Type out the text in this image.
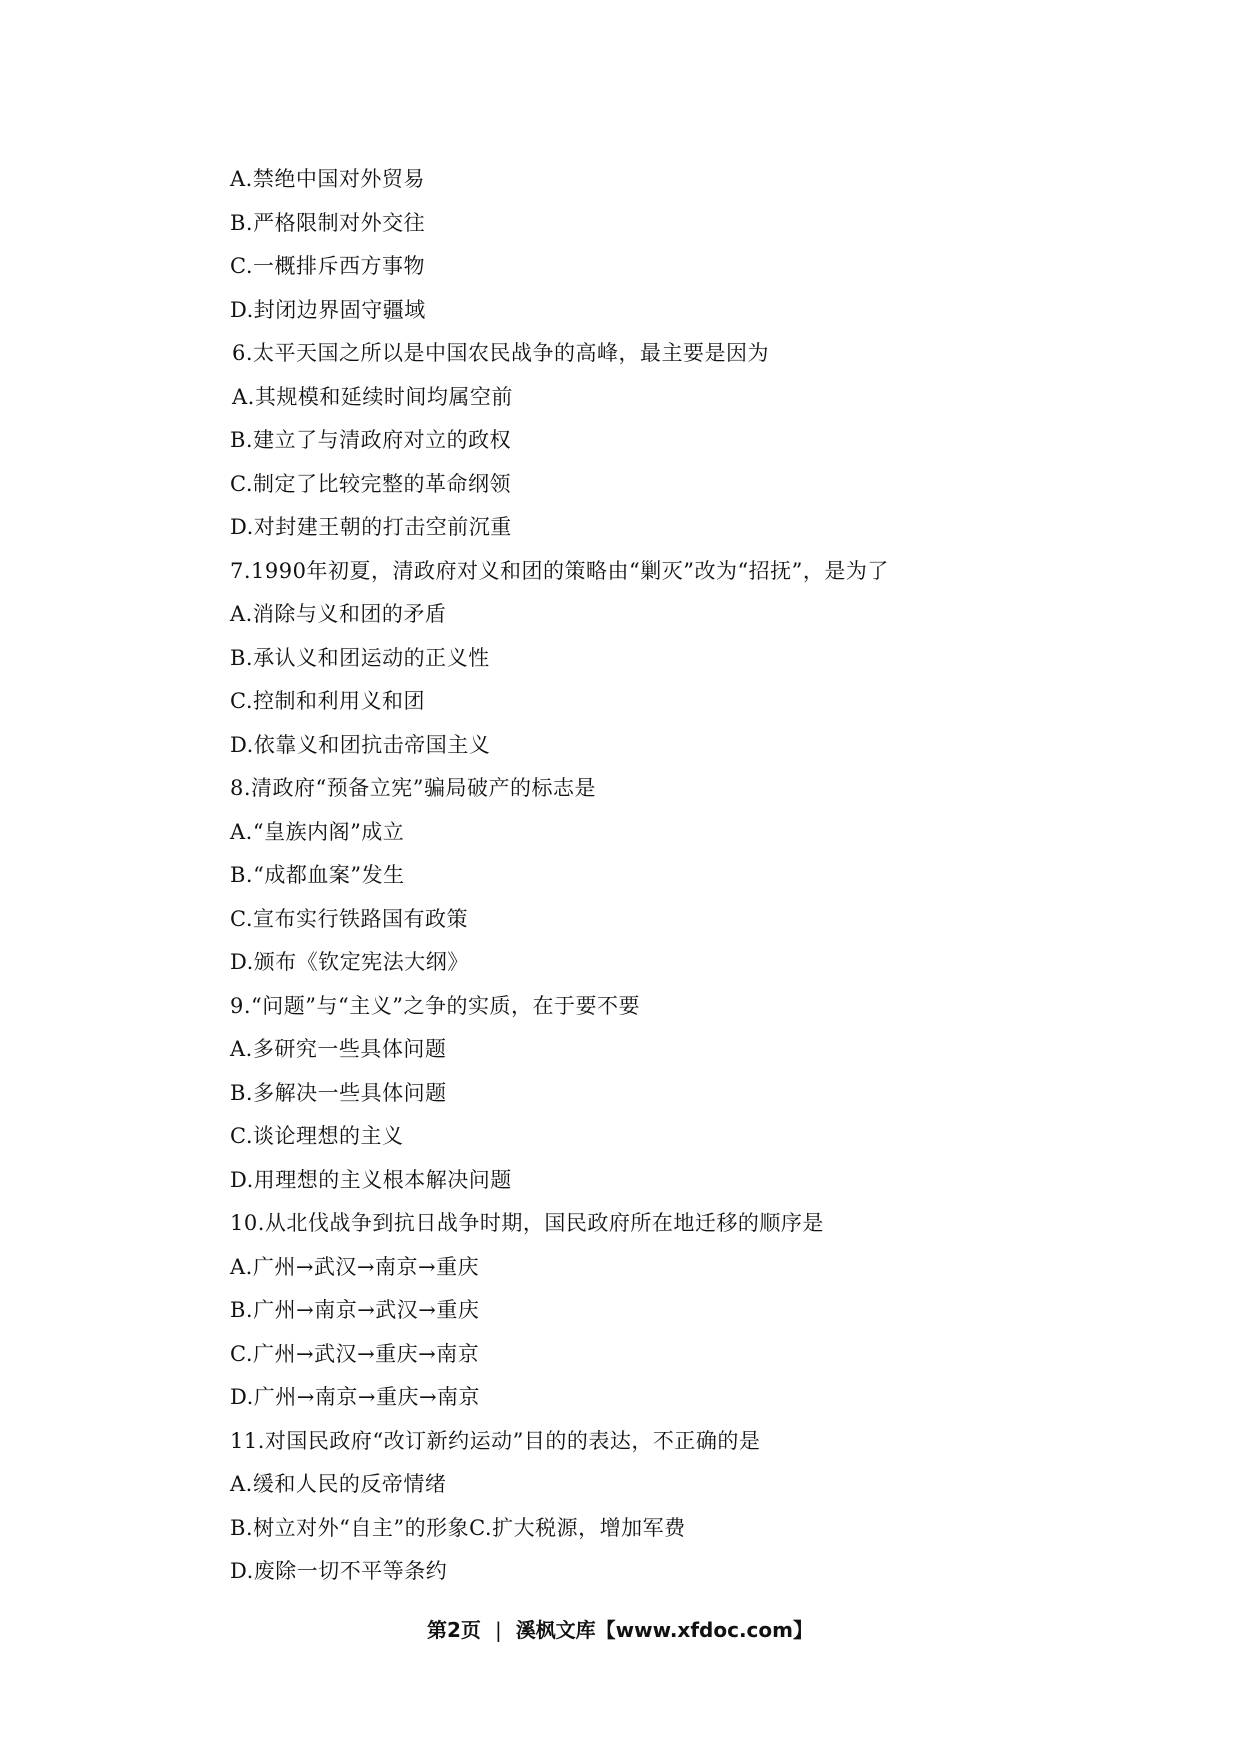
A.禁绝中国对外贸易
B.严格限制对外交往
C.一概排斥西方事物
D.封闭边界固守疆域
6.太平天国之所以是中国农民战争的高峰，最主要是因为
A.其规模和延续时间均属空前
B.建立了与清政府对立的政权
C.制定了比较完整的革命纲领
D.对封建王朝的打击空前沉重
7.1990年初夏，清政府对义和团的策略由“剿灭”改为“招抚”，是为了
A.消除与义和团的矛盾
B.承认义和团运动的正义性
C.控制和利用义和团
D.依靠义和团抗击帝国主义
8.清政府“预备立宪”骗局破产的标志是
A.“皇族内阁”成立
B.“成都血案”发生
C.宣布实行铁路国有政策
D.颁布《钦定宪法大纲》
9.“问题”与“主义”之争的实质，在于要不要
A.多研究一些具体问题
B.多解决一些具体问题
C.谈论理想的主义
D.用理想的主义根本解决问题
10.从北伐战争到抗日战争时期，国民政府所在地迁移的顺序是
A.广州→武汉→南京→重庆
B.广州→南京→武汉→重庆
C.广州→武汉→重庆→南京
D.广州→南京→重庆→南京
11.对国民政府“改订新约运动”目的的表达，不正确的是
A.缓和人民的反帝情绪
B.树立对外“自主”的形象C.扩大税源，增加军费
D.废除一切不平等条约
第2页 | 溪枫文库【www.xfdoc.com】
